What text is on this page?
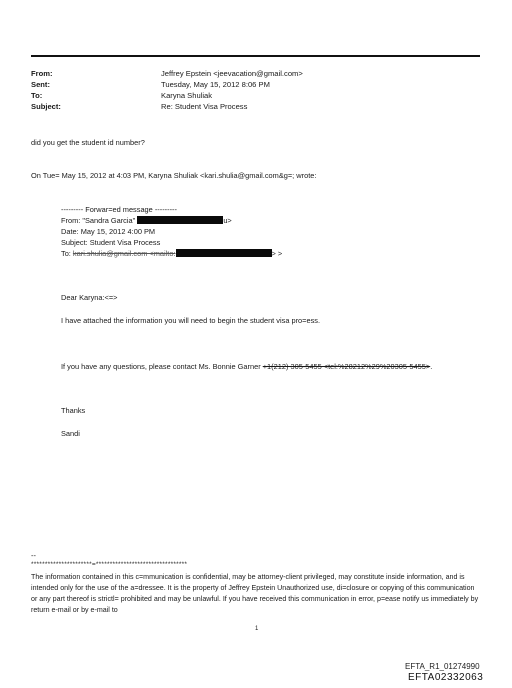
From:
Sent:
To:
Subject:
Jeffrey Epstein <jeevacation@gmail.com>
Tuesday, May 15, 2012 8:06 PM
Karyna Shuliak
Re: Student Visa Process
did you get the student id number?
On Tue= May 15, 2012 at 4:03 PM, Karyna Shuliak <kari.shulia@gmail.com&g=; wrote:
--------- Forwar=ed message ---------
From: "Sandra Garcia"	u>
Date: May 15, 2012 4:00 PM
Subject: Student Visa Process
To: kari.shulia@gmail.com <mailto:	> >
Dear Karyna:<=>
I have attached the information you will need to begin the student visa pro=ess.
If you have any questions, please contact Ms. Bonnie Garner +1(212) 305-5455 <tel:%28212%29%20305-5455>.
Thanks
Sandi
--
**********************=*********************************
The information contained in this c=mmunication is confidential, may be attorney-client privileged, may constitute inside information, and is intended only for the use of the a=dressee. It is the property of Jeffrey Epstein Unauthorized use, di=closure or copying of this communication or any part thereof is strictl= prohibited and may be unlawful. If you have received this communication in error, p=ease notify us immediately by return e-mail or by e-mail to
1
EFTA_R1_01274990
EFTA02332063
